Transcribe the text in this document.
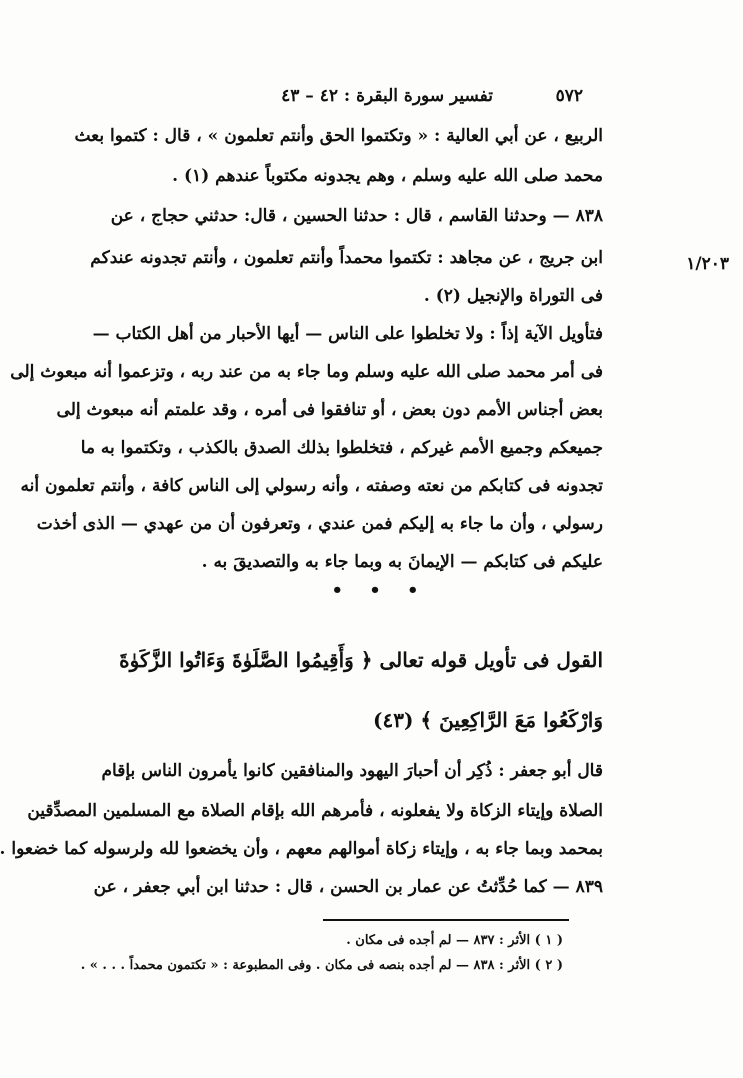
٥٧٢
تفسير سورة البقرة : ٤٢ – ٤٣
١/٢٠٣
الربيع ، عن أبي العالية : « وتكتموا الحق وأنتم تعلمون » ، قال : كتموا بعث
محمد صلى الله عليه وسلم ، وهم يجدونه مكتوباً عندهم (١) .
٨٣٨ — وحدثنا القاسم ، قال : حدثنا الحسين ، قال: حدثني حجاج ، عن
ابن جريج ، عن مجاهد : تكتموا محمداً وأنتم تعلمون ، وأنتم تجدونه عندكم
فى التوراة والإنجيل (٢) .
فتأويل الآية إذاً : ولا تخلطوا على الناس — أيها الأحبار من أهل الكتاب —
فى أمر محمد صلى الله عليه وسلم وما جاء به من عند ربه ، وتزعموا أنه مبعوث إلى
بعض أجناس الأمم دون بعض ، أو تنافقوا فى أمره ، وقد علمتم أنه مبعوث إلى
جميعكم وجميع الأمم غيركم ، فتخلطوا بذلك الصدق بالكذب ، وتكتموا به ما
تجدونه فى كتابكم من نعته وصفته ، وأنه رسولي إلى الناس كافة ، وأنتم تعلمون أنه
رسولي ، وأن ما جاء به إليكم فمن عندي ، وتعرفون أن من عهدي — الذى أخذت
عليكم فى كتابكم — الإيمانَ به وبما جاء به والتصديقَ به .
• • •
القول فى تأويل قوله تعالى ﴿ وَأَقِيمُوا الصَّلَوٰةَ وَءَاتُوا الزَّكَوٰةَ
وَارْكَعُوا مَعَ الرَّاكِعِينَ ﴾ (٤٣)
قال أبو جعفر : ذُكِر أن أحبارَ اليهود والمنافقين كانوا يأمرون الناس بإقام
الصلاة وإيتاء الزكاة ولا يفعلونه ، فأمرهم الله بإقام الصلاة مع المسلمين المصدِّقين
بمحمد وبما جاء به ، وإيتاء زكاة أموالهم معهم ، وأن يخضعوا لله ولرسوله كما خضعوا .
٨٣٩ — كما حُدِّثتُ عن عمار بن الحسن ، قال : حدثنا ابن أبي جعفر ، عن
( ١ ) الأثر : ٨٣٧ — لم أجده فى مكان .
( ٢ ) الأثر : ٨٣٨ — لم أجده بنصه فى مكان . وفى المطبوعة : « تكتمون محمداً . . . » .
